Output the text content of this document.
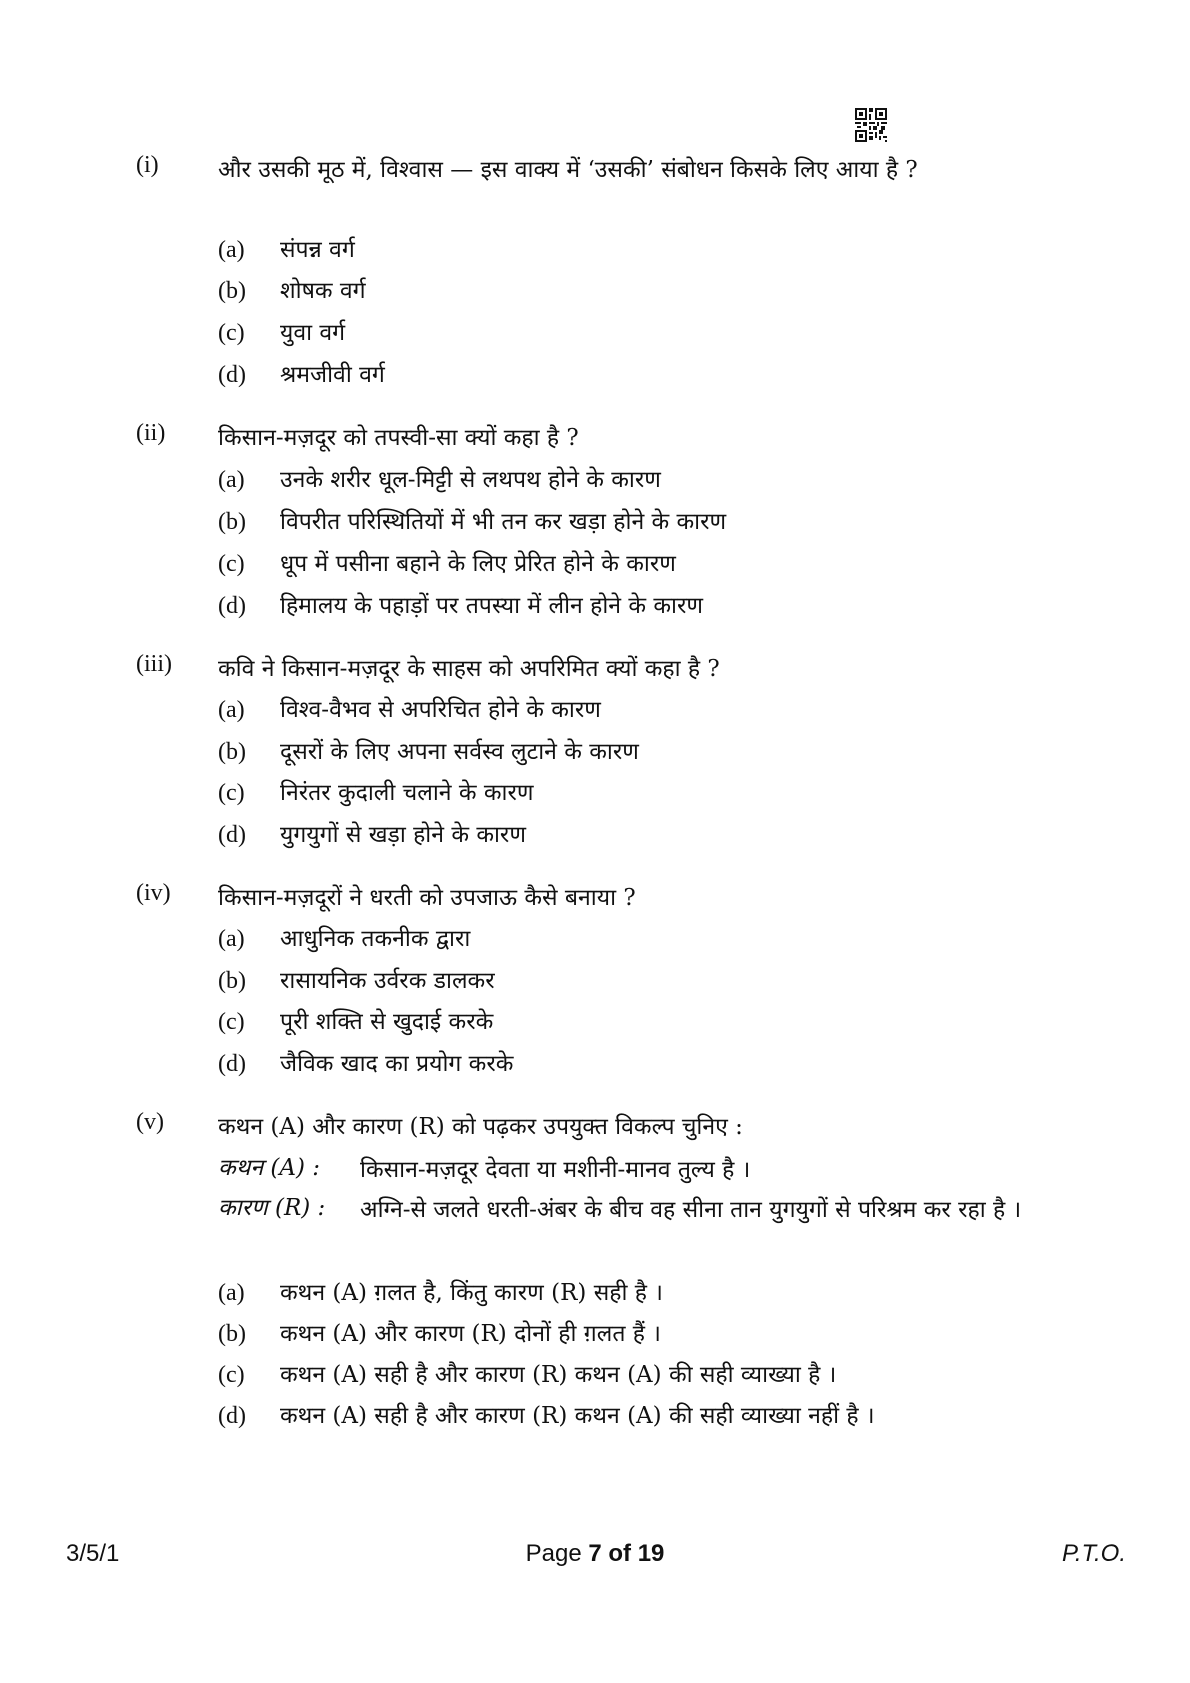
(i)	और उसकी मूठ में, विश्वास — इस वाक्य में ‘उसकी’ संबोधन किसके लिए आया है ?
(a) संपन्न वर्ग
(b) शोषक वर्ग
(c) युवा वर्ग
(d) श्रमजीवी वर्ग
(ii) किसान-मज़दूर को तपस्वी-सा क्यों कहा है ?
(a) उनके शरीर धूल-मिट्टी से लथपथ होने के कारण
(b) विपरीत परिस्थितियों में भी तन कर खड़ा होने के कारण
(c) धूप में पसीना बहाने के लिए प्रेरित होने के कारण
(d) हिमालय के पहाड़ों पर तपस्या में लीन होने के कारण
(iii) कवि ने किसान-मज़दूर के साहस को अपरिमित क्यों कहा है ?
(a) विश्व-वैभव से अपरिचित होने के कारण
(b) दूसरों के लिए अपना सर्वस्व लुटाने के कारण
(c) निरंतर कुदाली चलाने के कारण
(d) युगयुगों से खड़ा होने के कारण
(iv) किसान-मज़दूरों ने धरती को उपजाऊ कैसे बनाया ?
(a) आधुनिक तकनीक द्वारा
(b) रासायनिक उर्वरक डालकर
(c) पूरी शक्ति से खुदाई करके
(d) जैविक खाद का प्रयोग करके
(v) कथन (A) और कारण (R) को पढ़कर उपयुक्त विकल्प चुनिए :
कथन (A) : किसान-मज़दूर देवता या मशीनी-मानव तुल्य है ।
कारण (R) : अग्नि-से जलते धरती-अंबर के बीच वह सीना तान युगयुगों से परिश्रम कर रहा है ।
(a) कथन (A) ग़लत है, किंतु कारण (R) सही है ।
(b) कथन (A) और कारण (R) दोनों ही ग़लत हैं ।
(c) कथन (A) सही है और कारण (R) कथन (A) की सही व्याख्या है ।
(d) कथन (A) सही है और कारण (R) कथन (A) की सही व्याख्या नहीं है ।
3/5/1	Page 7 of 19	P.T.O.
